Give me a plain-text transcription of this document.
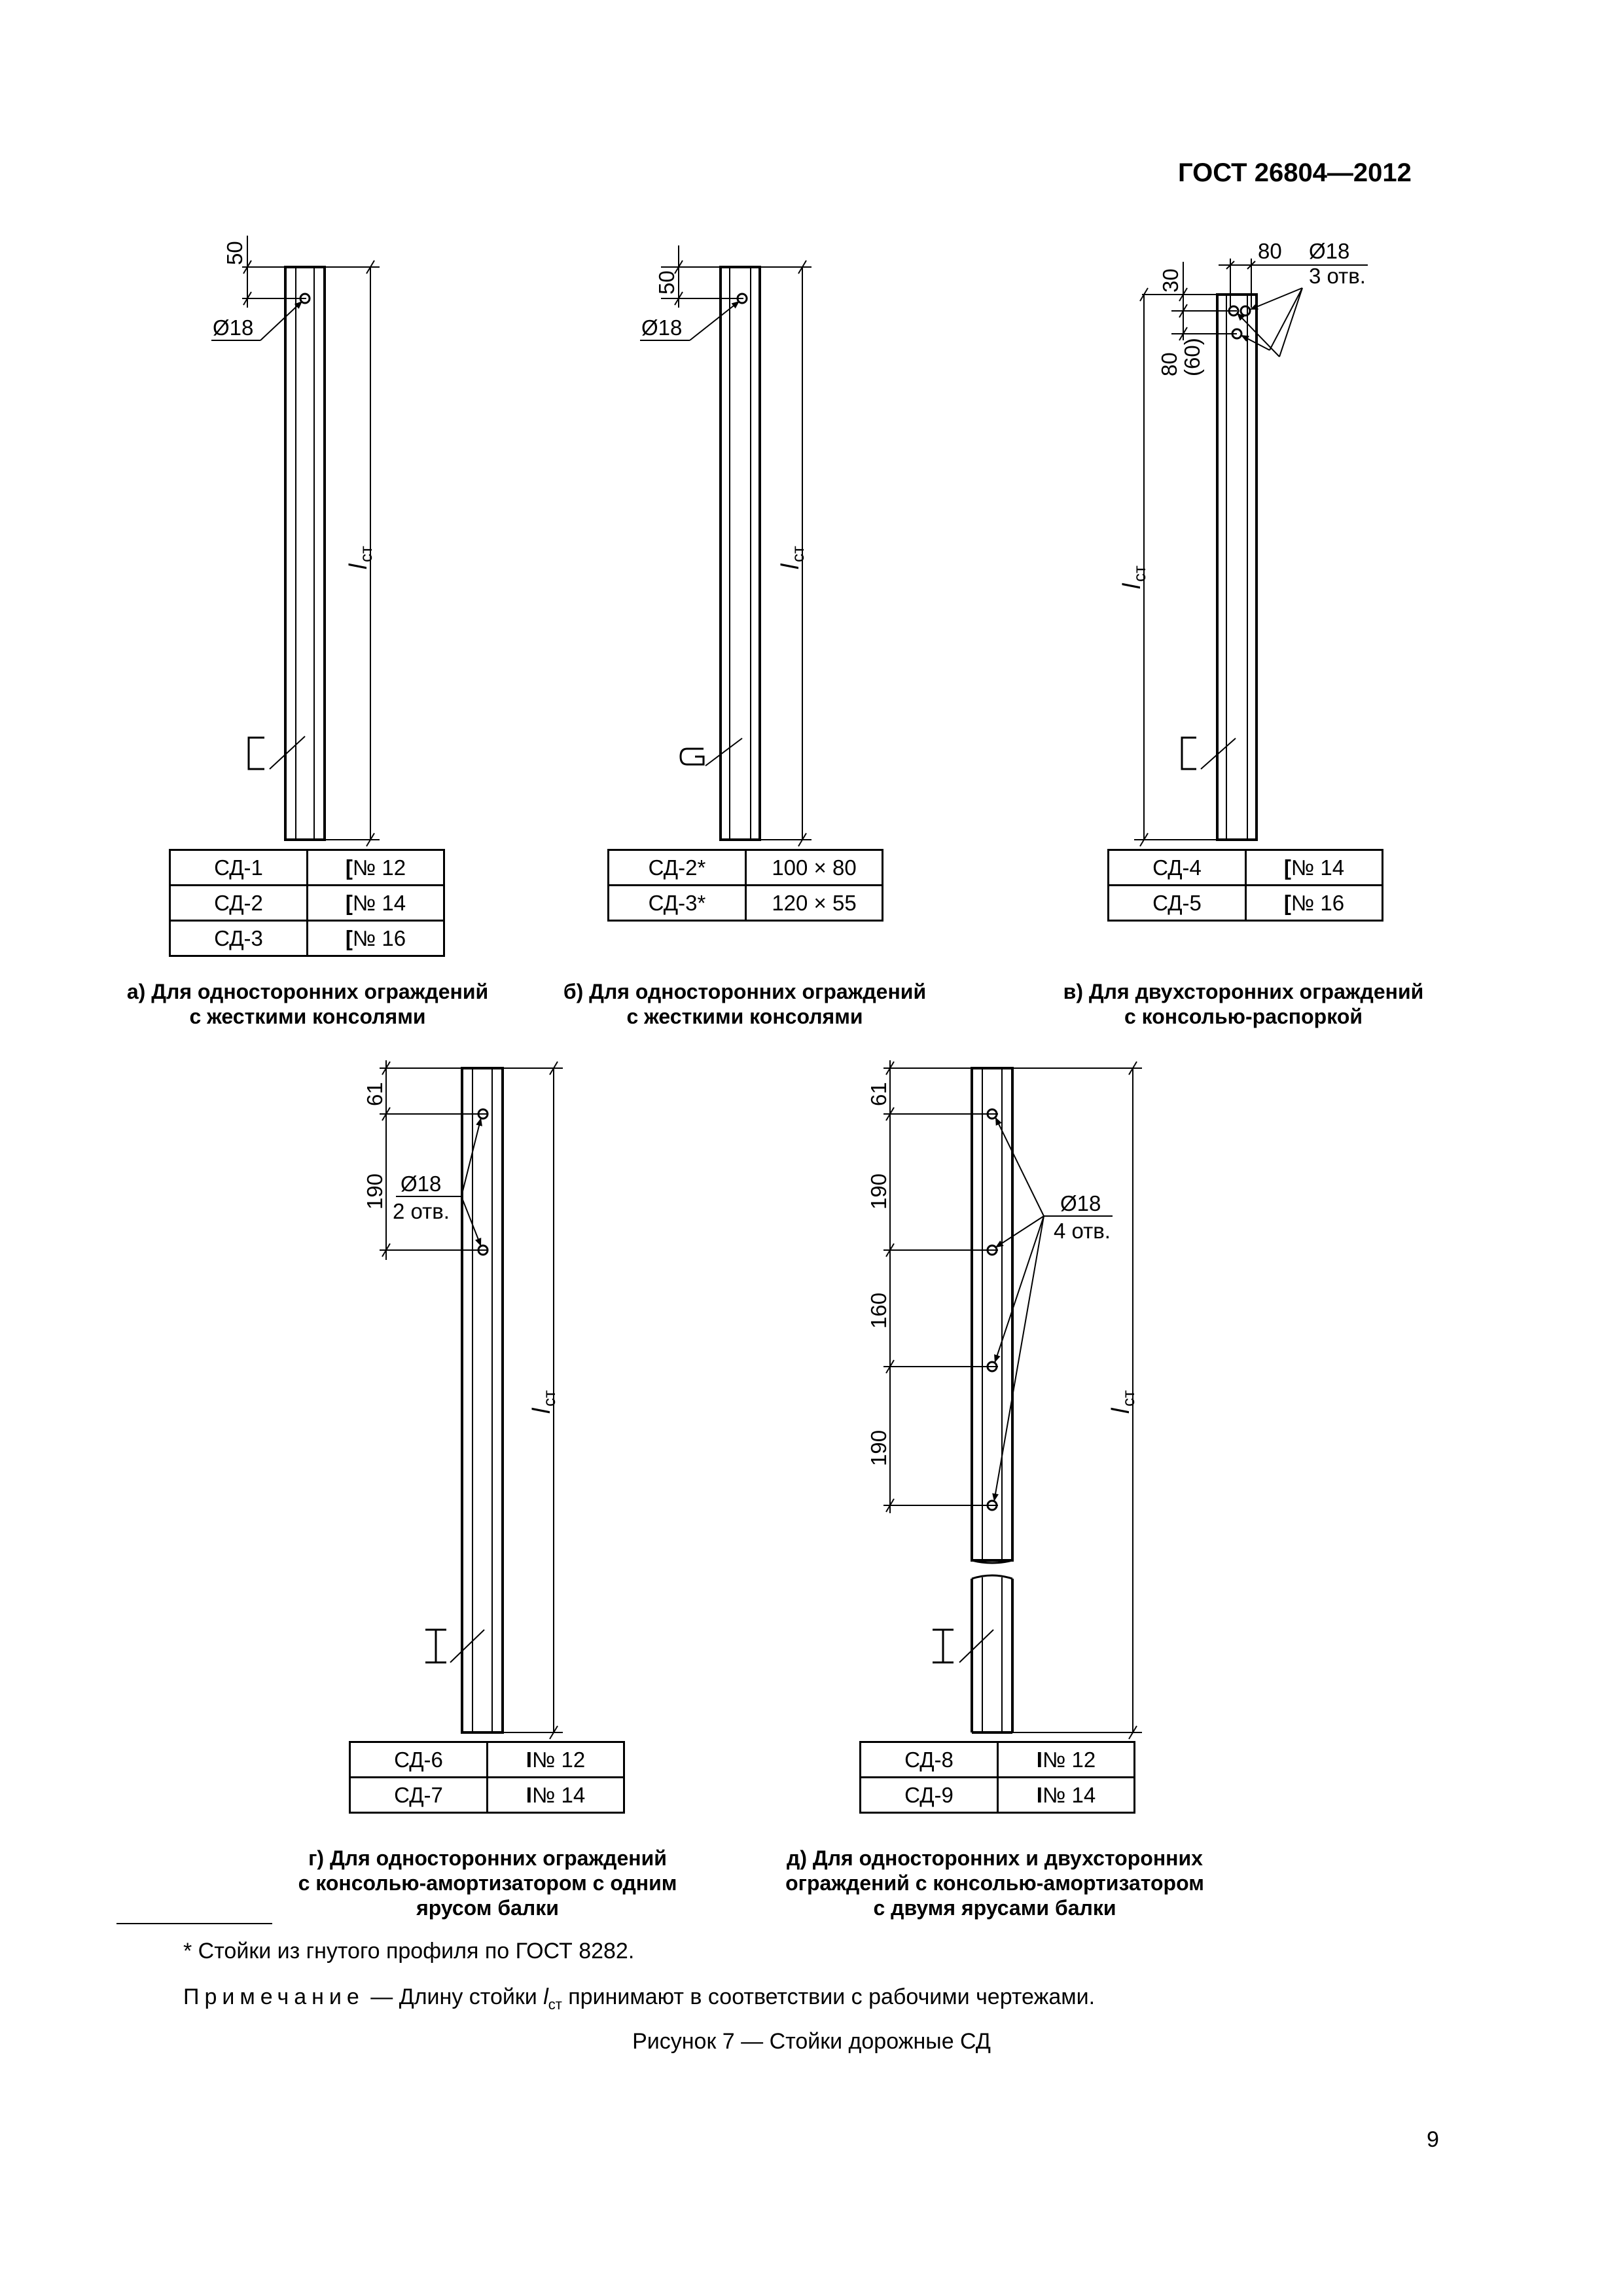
ГОСТ 26804—2012
50
Ø18
l
ст
50
Ø18
l
ст
80 Ø18
3 отв.
30
80
(60)
l
ст
61
190 Ø18
2 отв.
l
ст
61
190
160
190
Ø18
4 отв.
l
ст
СД-1	[№ 12
СД-2	[№ 14
СД-3	[№ 16
СД-2*	100 × 80
СД-3*	120 × 55
СД-4	[№ 14
СД-5	[№ 16
СД-6	I№ 12
СД-7	I№ 14
СД-8	I№ 12
СД-9	I№ 14
а) Для односторонних ограждений
с жесткими консолями
б) Для односторонних ограждений
с жесткими консолями
в) Для двухсторонних ограждений
с консолью-распоркой
г) Для односторонних ограждений
с консолью-амортизатором с одним
ярусом балки
д) Для односторонних и двухсторонних
ограждений с консолью-амортизатором
с двумя ярусами балки
* Стойки из гнутого профиля по ГОСТ 8282.
Примечание — Длину стойки $l_{ст}$ принимают в соответствии с рабочими чертежами.
Рисунок 7 — Стойки дорожные СД
9
